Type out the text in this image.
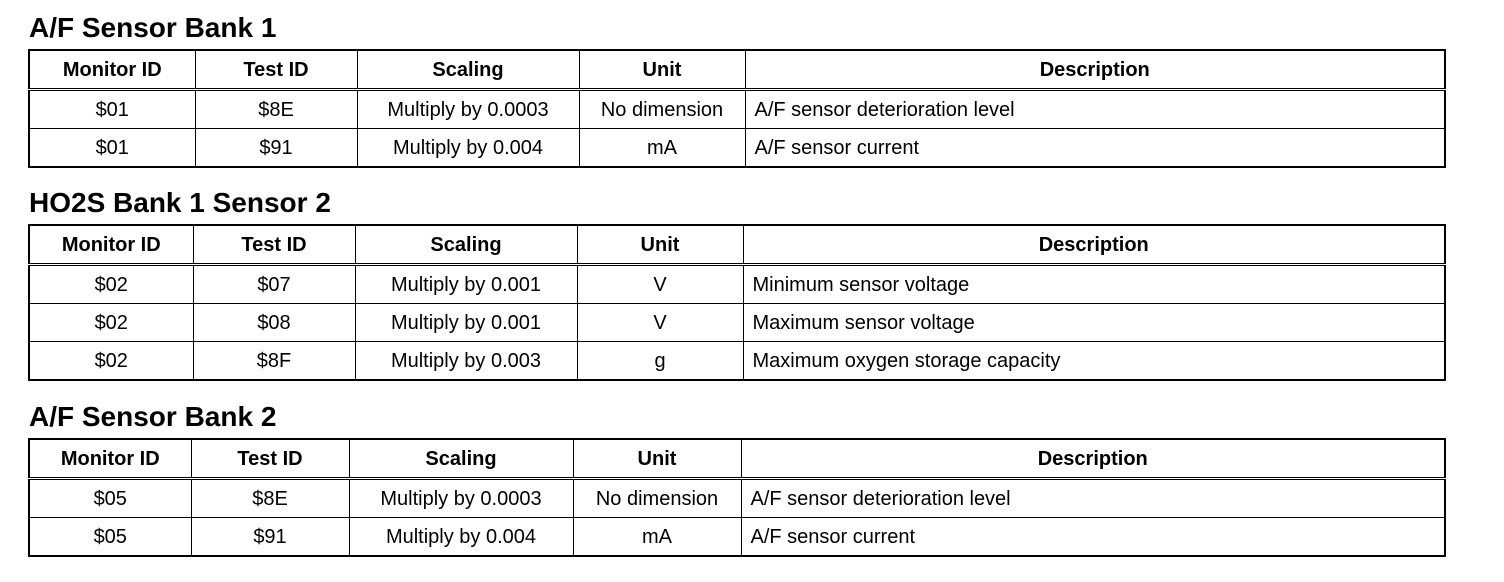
A/F Sensor Bank 1
Monitor ID	Test ID	Scaling	Unit	Description
$01	$8E	Multiply by 0.0003	No dimension	A/F sensor deterioration level
$01	$91	Multiply by 0.004	mA	A/F sensor current
HO2S Bank 1 Sensor 2
Monitor ID	Test ID	Scaling	Unit	Description
$02	$07	Multiply by 0.001	V	Minimum sensor voltage
$02	$08	Multiply by 0.001	V	Maximum sensor voltage
$02	$8F	Multiply by 0.003	g	Maximum oxygen storage capacity
A/F Sensor Bank 2
Monitor ID	Test ID	Scaling	Unit	Description
$05	$8E	Multiply by 0.0003	No dimension	A/F sensor deterioration level
$05	$91	Multiply by 0.004	mA	A/F sensor current
